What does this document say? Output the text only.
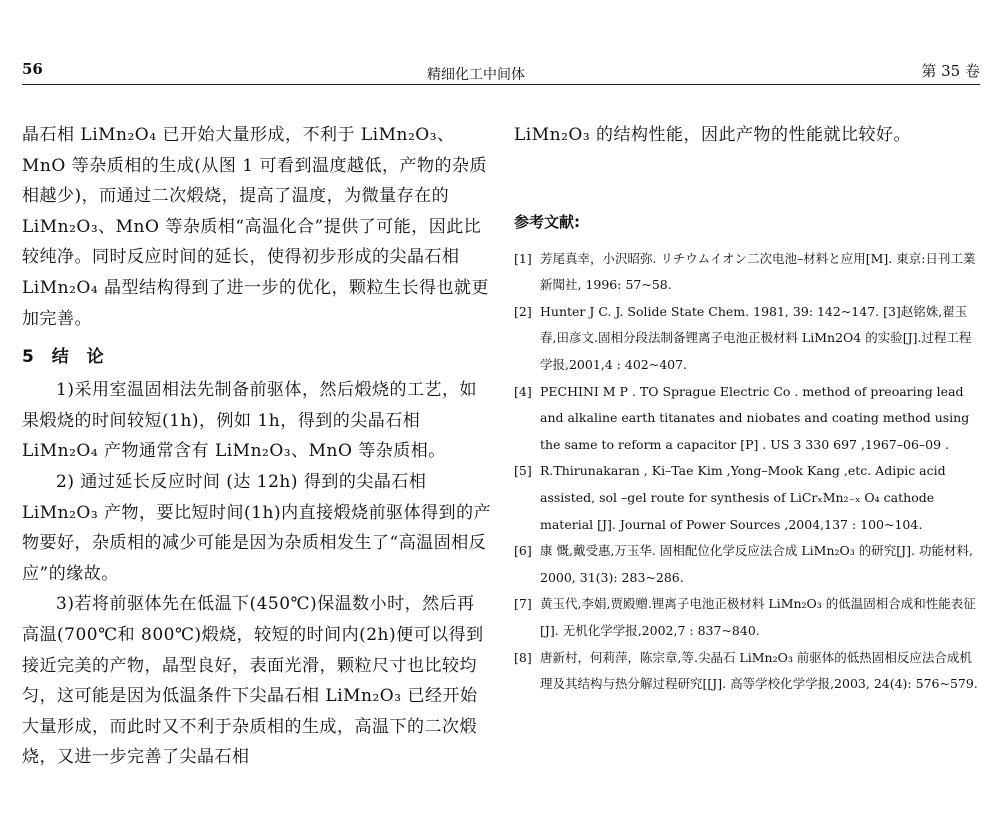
56	精细化工中间体	第 35 卷

晶石相 LiMn₂O₄ 已开始大量形成，不利于 LiMn₂O₃、MnO 等杂质相的生成(从图 1 可看到温度越低，产物的杂质相越少)，而通过二次煅烧，提高了温度，为微量存在的 LiMn₂O₃、MnO 等杂质相“高温化合”提供了可能，因此比较纯净。同时反应时间的延长，使得初步形成的尖晶石相 LiMn₂O₄ 晶型结构得到了进一步的优化，颗粒生长得也就更加完善。

5 结 论

1)采用室温固相法先制备前驱体，然后煅烧的工艺，如果煅烧的时间较短(1h)，例如 1h，得到的尖晶石相 LiMn₂O₄ 产物通常含有 LiMn₂O₃、MnO 等杂质相。

2) 通过延长反应时间 (达 12h) 得到的尖晶石相 LiMn₂O₃ 产物，要比短时间(1h)内直接煅烧前驱体得到的产物要好，杂质相的减少可能是因为杂质相发生了“高温固相反应”的缘故。

3)若将前驱体先在低温下(450℃)保温数小时，然后再高温(700℃和 800℃)煅烧，较短的时间内(2h)便可以得到接近完美的产物，晶型良好，表面光滑，颗粒尺寸也比较均匀，这可能是因为低温条件下尖晶石相 LiMn₂O₃ 已经开始大量形成，而此时又不利于杂质相的生成，高温下的二次煅烧，又进一步完善了尖晶石相

LiMn₂O₃ 的结构性能，因此产物的性能就比较好。

参考文献:
[1] 芳尾真幸，小沢昭弥. リチウムイオン二次电池–材料と应用[M]. 東京:日刊工業新聞社, 1996: 57~58.
[2] Hunter J C. J. Solide State Chem. 1981, 39: 142~147. [3]赵铭姝,翟玉春,田彦文.固相分段法制备锂离子电池正极材料 LiMn2O4 的实验[J].过程工程学报,2001,4 : 402~407.
[4] PECHINI M P . TO Sprague Electric Co . method of preoaring lead and alkaline earth titanates and niobates and coating method using the same to reform a capacitor [P] . US 3 330 697 ,1967–06–09 .
[5] R.Thirunakaran , Ki–Tae Kim ,Yong–Mook Kang ,etc. Adipic acid assisted, sol –gel route for synthesis of LiCrₓMn₂₋ₓ O₄ cathode material [J]. Journal of Power Sources ,2004,137 : 100~104.
[6] 康 慨,戴受惠,万玉华. 固相配位化学反应法合成 LiMn₂O₃ 的研究[J]. 功能材料, 2000, 31(3): 283~286.
[7] 黄玉代,李娟,贾殿赠.锂离子电池正极材料 LiMn₂O₃ 的低温固相合成和性能表征[J]. 无机化学学报,2002,7 : 837~840.
[8] 唐新村，何莉萍，陈宗章,等.尖晶石 LiMn₂O₃ 前驱体的低热固相反应法合成机理及其结构与热分解过程研究[[J]. 高等学校化学学报,2003, 24(4): 576~579.
